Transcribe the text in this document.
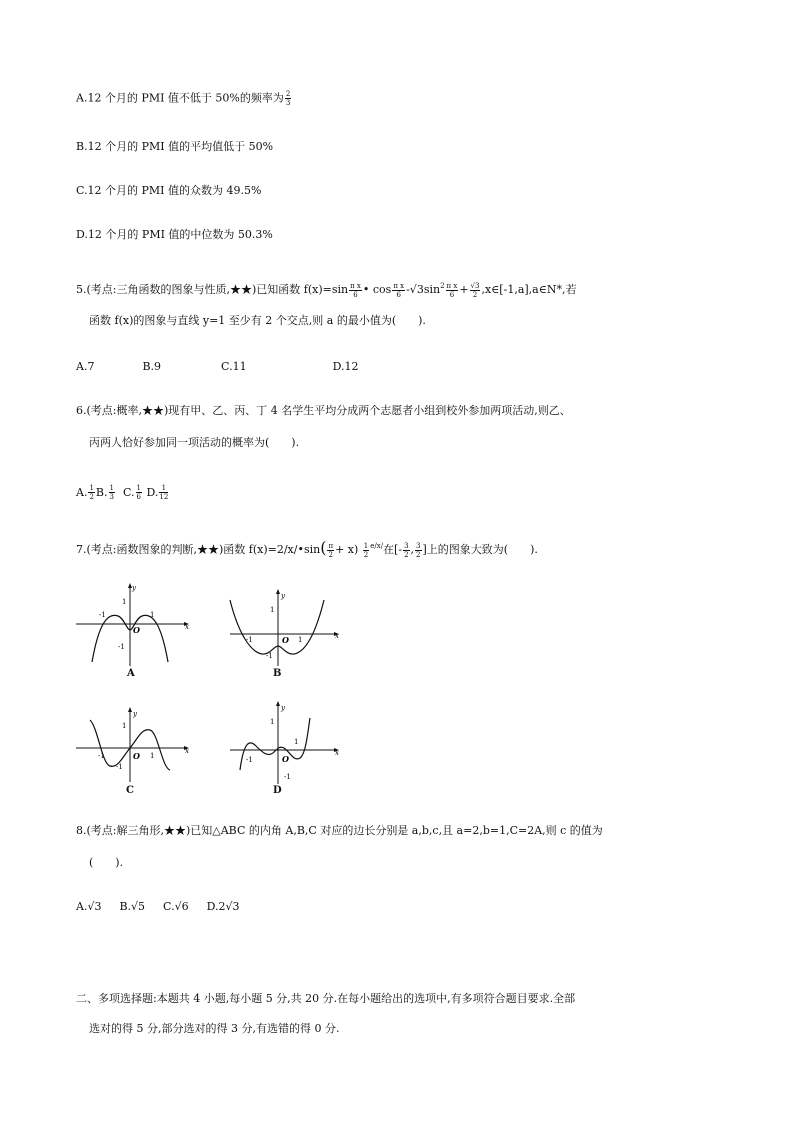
A.12 个月的 PMI 值不低于 50%的频率为 $\frac{2}{3}$
B.12 个月的 PMI 值的平均值低于 50%
C.12 个月的 PMI 值的众数为 49.5%
D.12 个月的 PMI 值的中位数为 50.3%
5.(考点:三角函数的图象与性质,★★)已知函数 $f(x)=\sin \frac{\text{π x}}{6}$ • $\cos \frac{\text{π x}}{6} -√3\sin^2 \frac{\text{π x}}{6} + \frac{√3}{2}$ ,x∈[-1,a],a∈N*,若
函数 f(x)的图象与直线 y=1 至少有 2 个交点,则 a 的最小值为(　　).
A.7	B.9	C.11	D.12
6.(考点:概率,★★)现有甲、乙、丙、丁 4 名学生平均分成两个志愿者小组到校外参加两项活动,则乙、
丙两人恰好参加同一项活动的概率为(　　).
A. $\frac{1}{2} B$. $\frac{1}{3} C$. $\frac{1}{6} D$. $\frac{1}{12}$
7.(考点:函数图象的判断,★★)函数 f(x)=2/x/•sin( $\frac{\pi}{2} + x) \frac{1}{2} ^{e/x/}$在[- $\frac{3}{2}$ , $\frac{3}{2}$ ]上的图象大致为(　　).
x
y
1
-1
-1	1
O
A
x
y
1
-1	1
-1
O
B
x
y
1
-1
-1
1
O
C
x
y
1
-1
1
-1
O
D
8.(考点:解三角形,★★)已知△ABC 的内角 A,B,C 对应的边长分别是 a,b,c,且 a=2,b=1,C=2A,则 c 的值为
(　　).
A.√3 B.√5 C.√6 D.2√3
二、多项选择题:本题共 4 小题,每小题 5 分,共 20 分.在每小题给出的选项中,有多项符合题目要求.全部
选对的得 5 分,部分选对的得 3 分,有选错的得 0 分.
